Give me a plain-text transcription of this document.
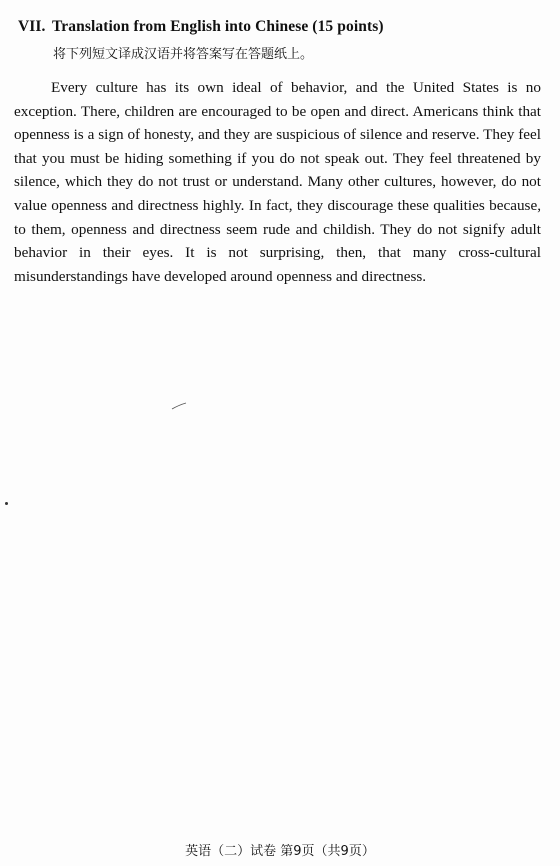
VII. Translation from English into Chinese (15 points)
将下列短文译成汉语并将答案写在答题纸上。

Every culture has its own ideal of behavior, and the United States is no exception. There, children are encouraged to be open and direct. Americans think that openness is a sign of honesty, and they are suspicious of silence and reserve. They feel that you must be hiding something if you do not speak out. They feel threatened by silence, which they do not trust or understand. Many other cultures, however, do not value openness and directness highly. In fact, they discourage these qualities because, to them, openness and directness seem rude and childish. They do not signify adult behavior in their eyes. It is not surprising, then, that many cross-cultural misunderstandings have developed around openness and directness.

英语（二）试卷 第9页（共9页）
